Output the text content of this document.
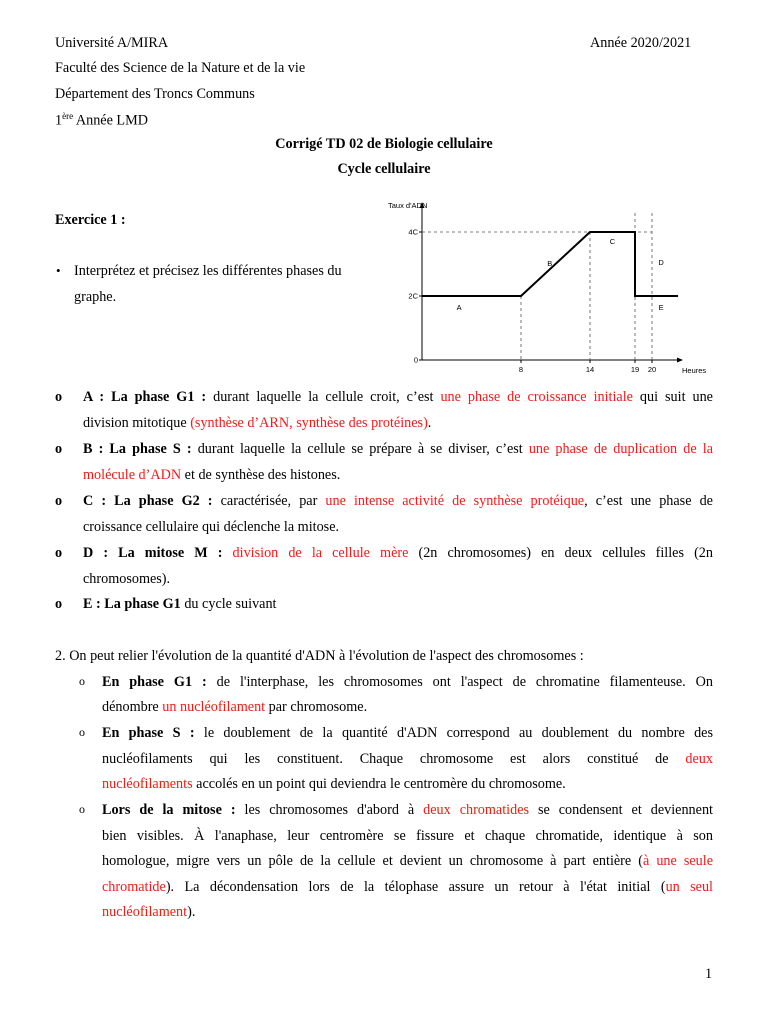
Université A/MIRA	Année 2020/2021
Faculté des Science de la Nature et de la vie
Département des Troncs Communs
1ère Année LMD
Corrigé TD 02 de Biologie cellulaire
Cycle cellulaire
Exercice 1 :
• Interprétez et précisez les différentes phases du
graphe.
Taux d'ADN
Heures
0
2C
4C
8	14	19 20
A
B
C
D
E
o A : La phase G1 : durant laquelle la cellule croit, c’est une phase de croissance initiale qui suit une
division mitotique (synthèse d’ARN, synthèse des protéines).
o B : La phase S : durant laquelle la cellule se prépare à se diviser, c’est une phase de duplication de la
molécule d’ADN et de synthèse des histones.
o C : La phase G2 : caractérisée, par une intense activité de synthèse protéique, c’est une phase de
croissance cellulaire qui déclenche la mitose.
o D : La mitose M : division de la cellule mère (2n chromosomes) en deux cellules filles (2n
chromosomes).
o E : La phase G1 du cycle suivant
2. On peut relier l'évolution de la quantité d'ADN à l'évolution de l'aspect des chromosomes :
o En phase G1 : de l'interphase, les chromosomes ont l'aspect de chromatine filamenteuse. On
dénombre un nucléofilament par chromosome.
o En phase S : le doublement de la quantité d'ADN correspond au doublement du nombre des
nucléofilaments qui les constituent. Chaque chromosome est alors constitué de deux
nucléofilaments accolés en un point qui deviendra le centromère du chromosome.
o Lors de la mitose : les chromosomes d'abord à deux chromatides se condensent et deviennent
bien visibles. À l'anaphase, leur centromère se fissure et chaque chromatide, identique à son
homologue, migre vers un pôle de la cellule et devient un chromosome à part entière (à une seule
chromatide). La décondensation lors de la télophase assure un retour à l'état initial (un seul
nucléofilament).
1
